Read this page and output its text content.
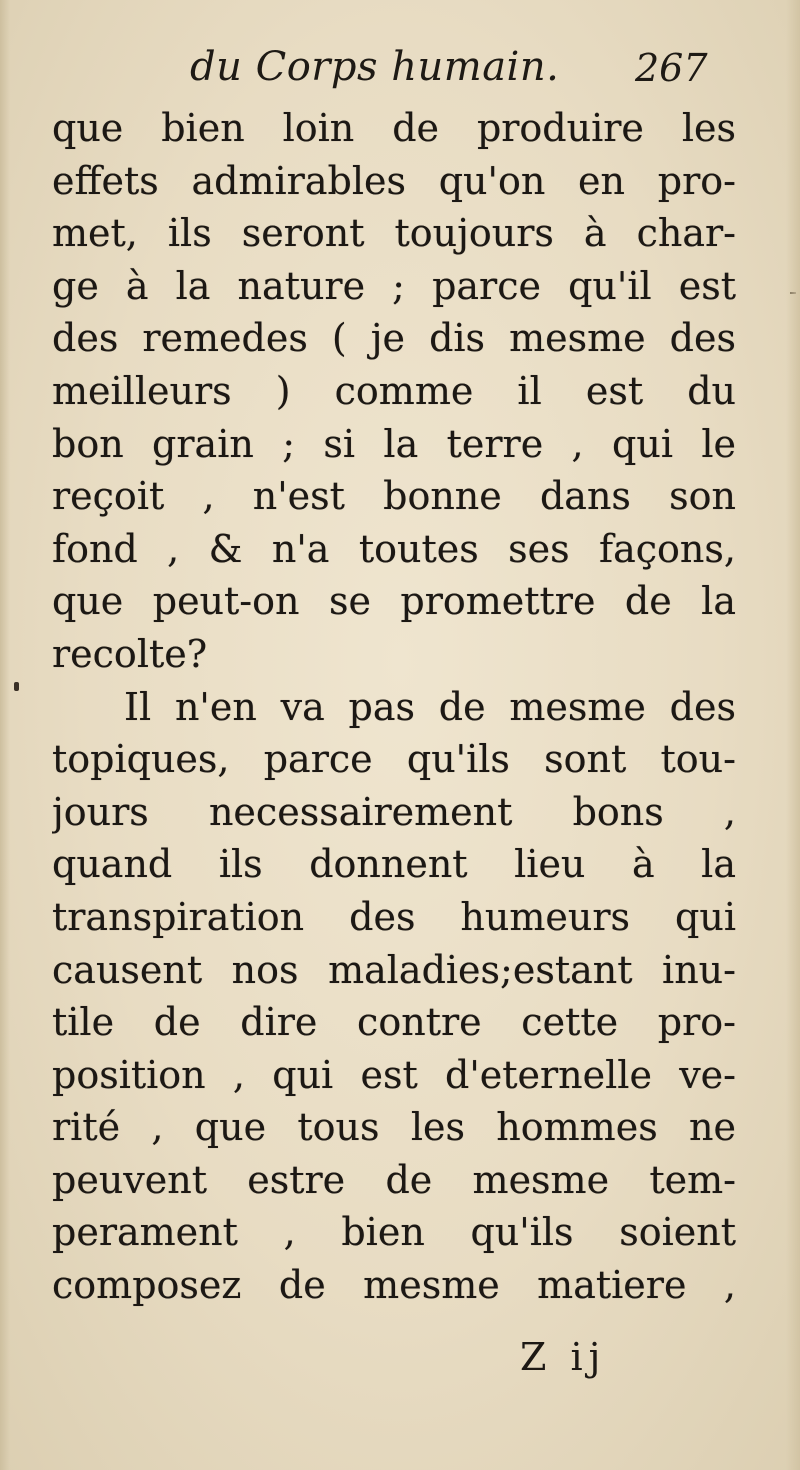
du Corps humain. 267
que bien loin de produire les
effets admirables qu'on en pro-
met, ils seront toujours à char-
ge à la nature ; parce qu'il est
des remedes ( je dis mesme des
meilleurs ) comme il est du
bon grain ; si la terre , qui le
reçoit , n'est bonne dans son
fond , & n'a toutes ses façons,
que peut-on se promettre de la
recolte?
Il n'en va pas de mesme des
topiques, parce qu'ils sont tou-
jours necessairement bons ,
quand ils donnent lieu à la
transpiration des humeurs qui
causent nos maladies;estant inu-
tile de dire contre cette pro-
position , qui est d'eternelle ve-
rité , que tous les hommes ne
peuvent estre de mesme tem-
perament , bien qu'ils soient
composez de mesme matiere ,
Z ij
